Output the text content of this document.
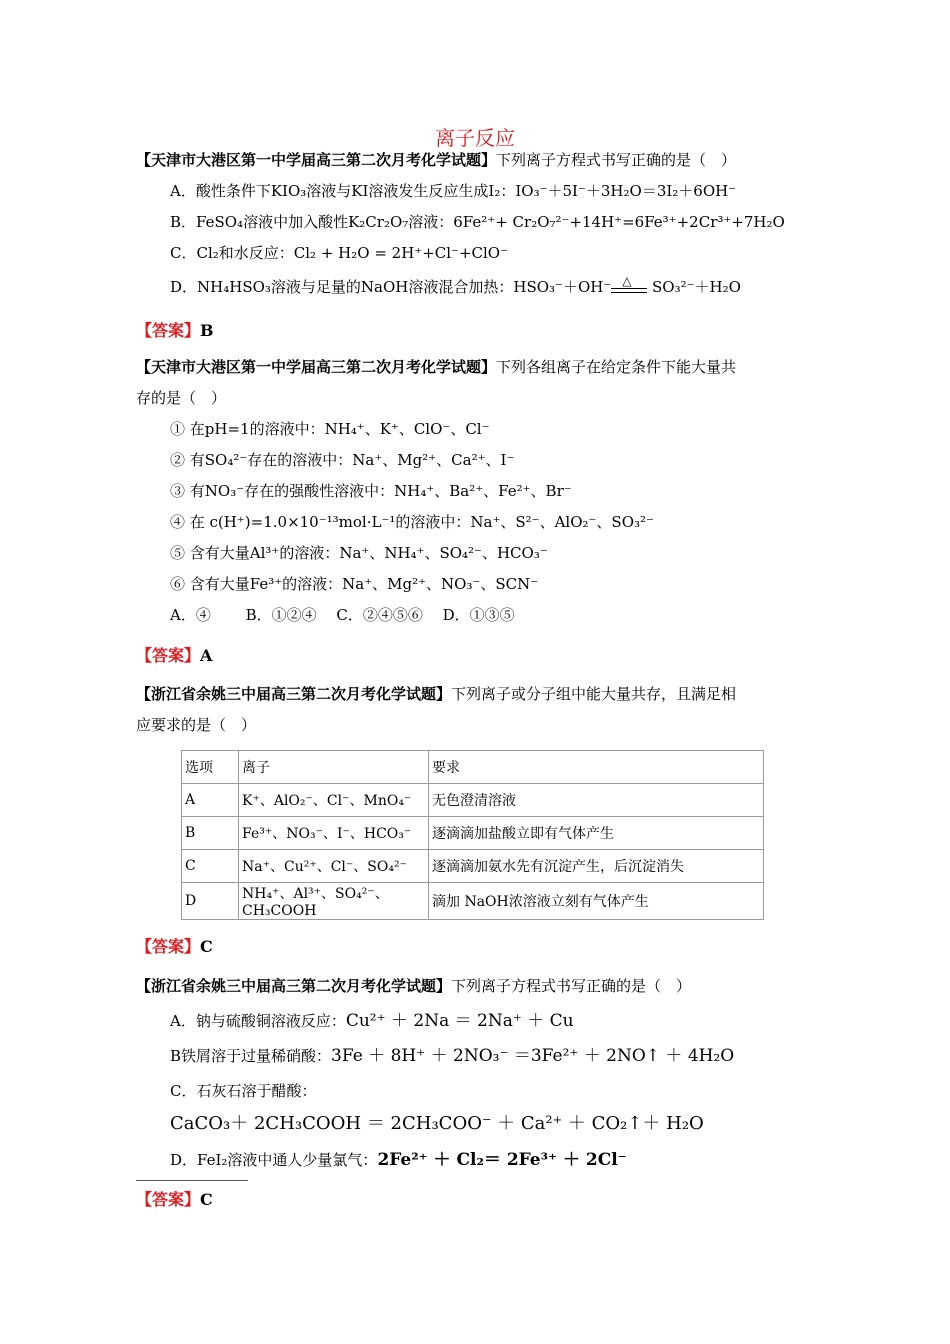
离子反应
【天津市大港区第一中学届高三第二次月考化学试题】下列离子方程式书写正确的是（　）
A．酸性条件下KIO₃溶液与KI溶液发生反应生成I₂：IO₃⁻＋5I⁻＋3H₂O＝3I₂＋6OH⁻
B．FeSO₄溶液中加入酸性K₂Cr₂O₇溶液：6Fe²⁺+ Cr₂O₇²⁻+14H⁺=6Fe³⁺+2Cr³⁺+7H₂O
C．Cl₂和水反应：Cl₂ + H₂O = 2H⁺+Cl⁻+ClO⁻
D．NH₄HSO₃溶液与足量的NaOH溶液混合加热：HSO₃⁻＋OH⁻ △	SO₃²⁻＋H₂O
【答案】B
【天津市大港区第一中学届高三第二次月考化学试题】下列各组离子在给定条件下能大量共
存的是（　）
① 在pH=1的溶液中：NH₄⁺、K⁺、ClO⁻、Cl⁻
② 有SO₄²⁻存在的溶液中：Na⁺、Mg²⁺、Ca²⁺、I⁻
③ 有NO₃⁻存在的强酸性溶液中：NH₄⁺、Ba²⁺、Fe²⁺、Br⁻
④ 在 c(H⁺)=1.0×10⁻¹³mol·L⁻¹的溶液中：Na⁺、S²⁻、AlO₂⁻、SO₃²⁻
⑤ 含有大量Al³⁺的溶液：Na⁺、NH₄⁺、SO₄²⁻、HCO₃⁻
⑥ 含有大量Fe³⁺的溶液：Na⁺、Mg²⁺、NO₃⁻、SCN⁻
A．④　　 B．①②④　 C．②④⑤⑥　 D．①③⑤
【答案】A
【浙江省余姚三中届高三第二次月考化学试题】下列离子或分子组中能大量共存，且满足相
应要求的是（　）
选项	离子	要求
A	K⁺、AlO₂⁻、Cl⁻、MnO₄⁻	无色澄清溶液
B	Fe³⁺、NO₃⁻、I⁻、HCO₃⁻	逐滴滴加盐酸立即有气体产生
C	Na⁺、Cu²⁺、Cl⁻、SO₄²⁻	逐滴滴加氨水先有沉淀产生，后沉淀消失
D	NH₄⁺、Al³⁺、SO₄²⁻、CH₃COOH	滴加 NaOH浓溶液立刻有气体产生
【答案】C
【浙江省余姚三中届高三第二次月考化学试题】下列离子方程式书写正确的是（　）
A．钠与硫酸铜溶液反应：Cu²⁺ ＋ 2Na ＝ 2Na⁺ ＋ Cu
B铁屑溶于过量稀硝酸：3Fe ＋ 8H⁺ ＋ 2NO₃⁻ ＝3Fe²⁺ ＋ 2NO↑ ＋ 4H₂O
C．石灰石溶于醋酸：
CaCO₃＋ 2CH₃COOH ＝ 2CH₃COO⁻ ＋ Ca²⁺ ＋ CO₂↑＋ H₂O
D．FeI₂溶液中通人少量氯气：2Fe²⁺ ＋ Cl₂＝ 2Fe³⁺ ＋ 2Cl⁻
【答案】C
